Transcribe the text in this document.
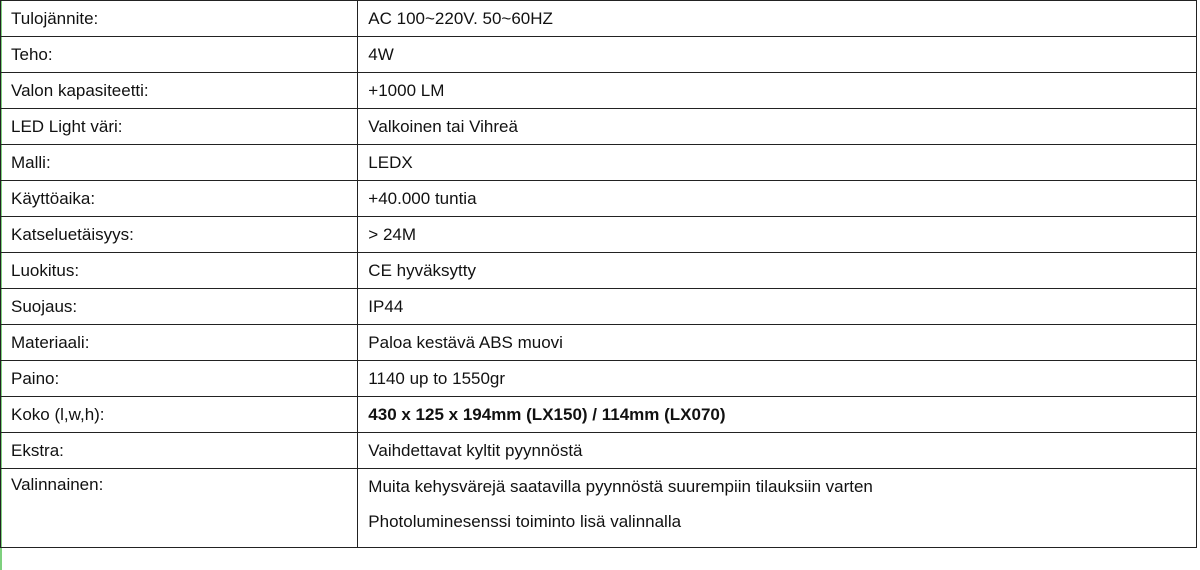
Tulojännite:	AC 100~220V. 50~60HZ
Teho:	4W
Valon kapasiteetti:	+1000 LM
LED Light väri:	Valkoinen tai Vihreä
Malli:	LEDX
Käyttöaika:	+40.000 tuntia
Katseluetäisyys:	> 24M
Luokitus:	CE hyväksytty
Suojaus:	IP44
Materiaali:	Paloa kestävä ABS muovi
Paino:	1140 up to 1550gr
Koko (l,w,h):	430 x 125 x 194mm (LX150) / 114mm (LX070)
Ekstra:	Vaihdettavat kyltit pyynnöstä
Valinnainen:	Muita kehysvärejä saatavilla pyynnöstä suurempiin tilauksiin varten
Photoluminesenssi toiminto lisä valinnalla
